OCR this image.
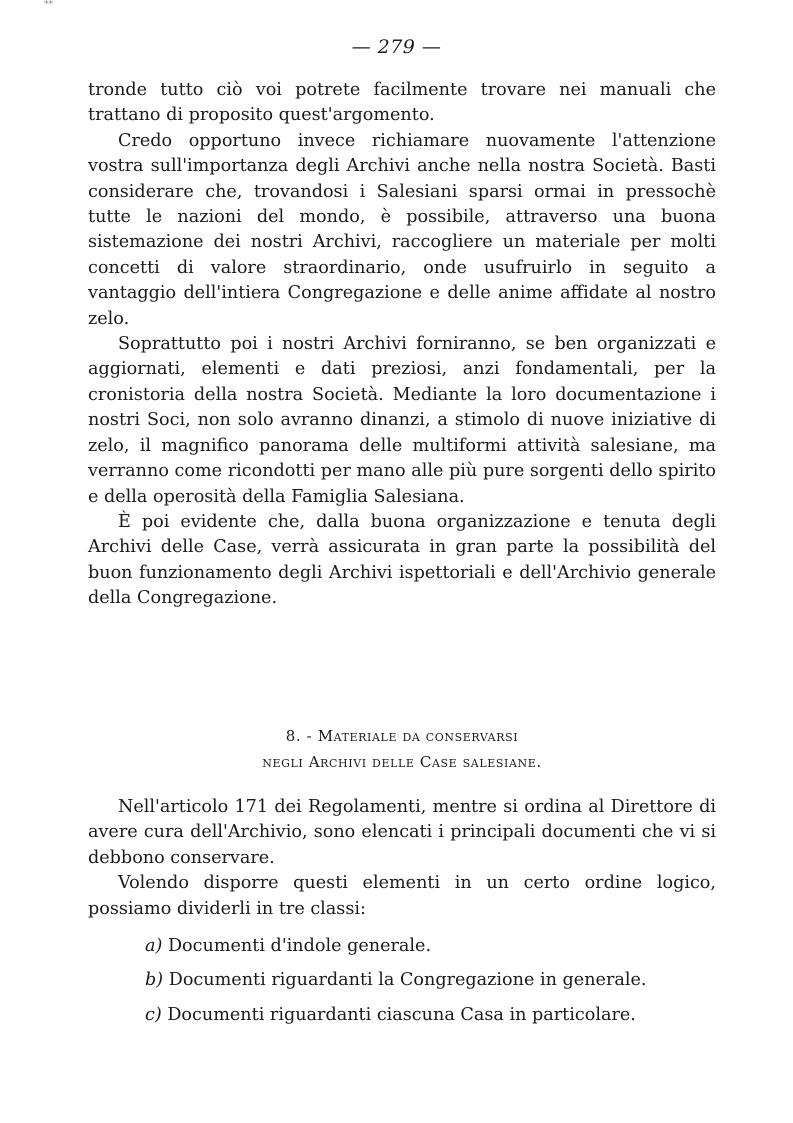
**
— 279 —

tronde tutto ciò voi potrete facilmente trovare nei manuali che trattano di proposito quest'argomento.

Credo opportuno invece richiamare nuovamente l'attenzione vostra sull'importanza degli Archivi anche nella nostra Società. Basti considerare che, trovandosi i Salesiani sparsi ormai in pressochè tutte le nazioni del mondo, è possibile, attraverso una buona sistemazione dei nostri Archivi, raccogliere un materiale per molti concetti di valore straordinario, onde usufruirlo in seguito a vantaggio dell'intiera Congregazione e delle anime affidate al nostro zelo.

Soprattutto poi i nostri Archivi forniranno, se ben organizzati e aggiornati, elementi e dati preziosi, anzi fondamentali, per la cronistoria della nostra Società. Mediante la loro documentazione i nostri Soci, non solo avranno dinanzi, a stimolo di nuove iniziative di zelo, il magnifico panorama delle multiformi attività salesiane, ma verranno come ricondotti per mano alle più pure sorgenti dello spirito e della operosità della Famiglia Salesiana.

È poi evidente che, dalla buona organizzazione e tenuta degli Archivi delle Case, verrà assicurata in gran parte la possibilità del buon funzionamento degli Archivi ispettoriali e dell'Archivio generale della Congregazione.

8. - Materiale da conservarsi
negli Archivi delle Case salesiane.

Nell'articolo 171 dei Regolamenti, mentre si ordina al Direttore di avere cura dell'Archivio, sono elencati i principali documenti che vi si debbono conservare.

Volendo disporre questi elementi in un certo ordine logico, possiamo dividerli in tre classi:

a) Documenti d'indole generale.
b) Documenti riguardanti la Congregazione in generale.
c) Documenti riguardanti ciascuna Casa in particolare.
